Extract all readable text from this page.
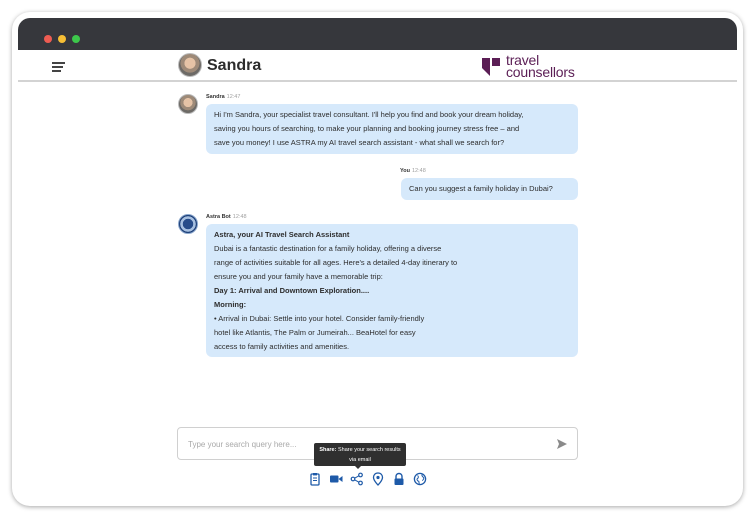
Sandra	travel
counsellors
Sandra 12:47

Hi I'm Sandra, your specialist travel consultant. I'll help you find and book your dream holiday,

saving you hours of searching, to make your planning and booking journey stress free – and

save you money! I use ASTRA my AI travel search assistant - what shall we search for?

You 12:48

Can you suggest a family holiday in Dubai?

Astra Bot 12:48

Astra, your AI Travel Search Assistant

Dubai is a fantastic destination for a family holiday, offering a diverse

range of activities suitable for all ages. Here's a detailed 4-day itinerary to

ensure you and your family have a memorable trip:

Day 1: Arrival and Downtown Exploration....

Morning:

• Arrival in Dubai: Settle into your hotel. Consider family-friendly

hotel like Atlantis, The Palm or Jumeirah... BeaHotel for easy

access to family activities and amenities.

Type your search query here...
Share: Share your search results via email
